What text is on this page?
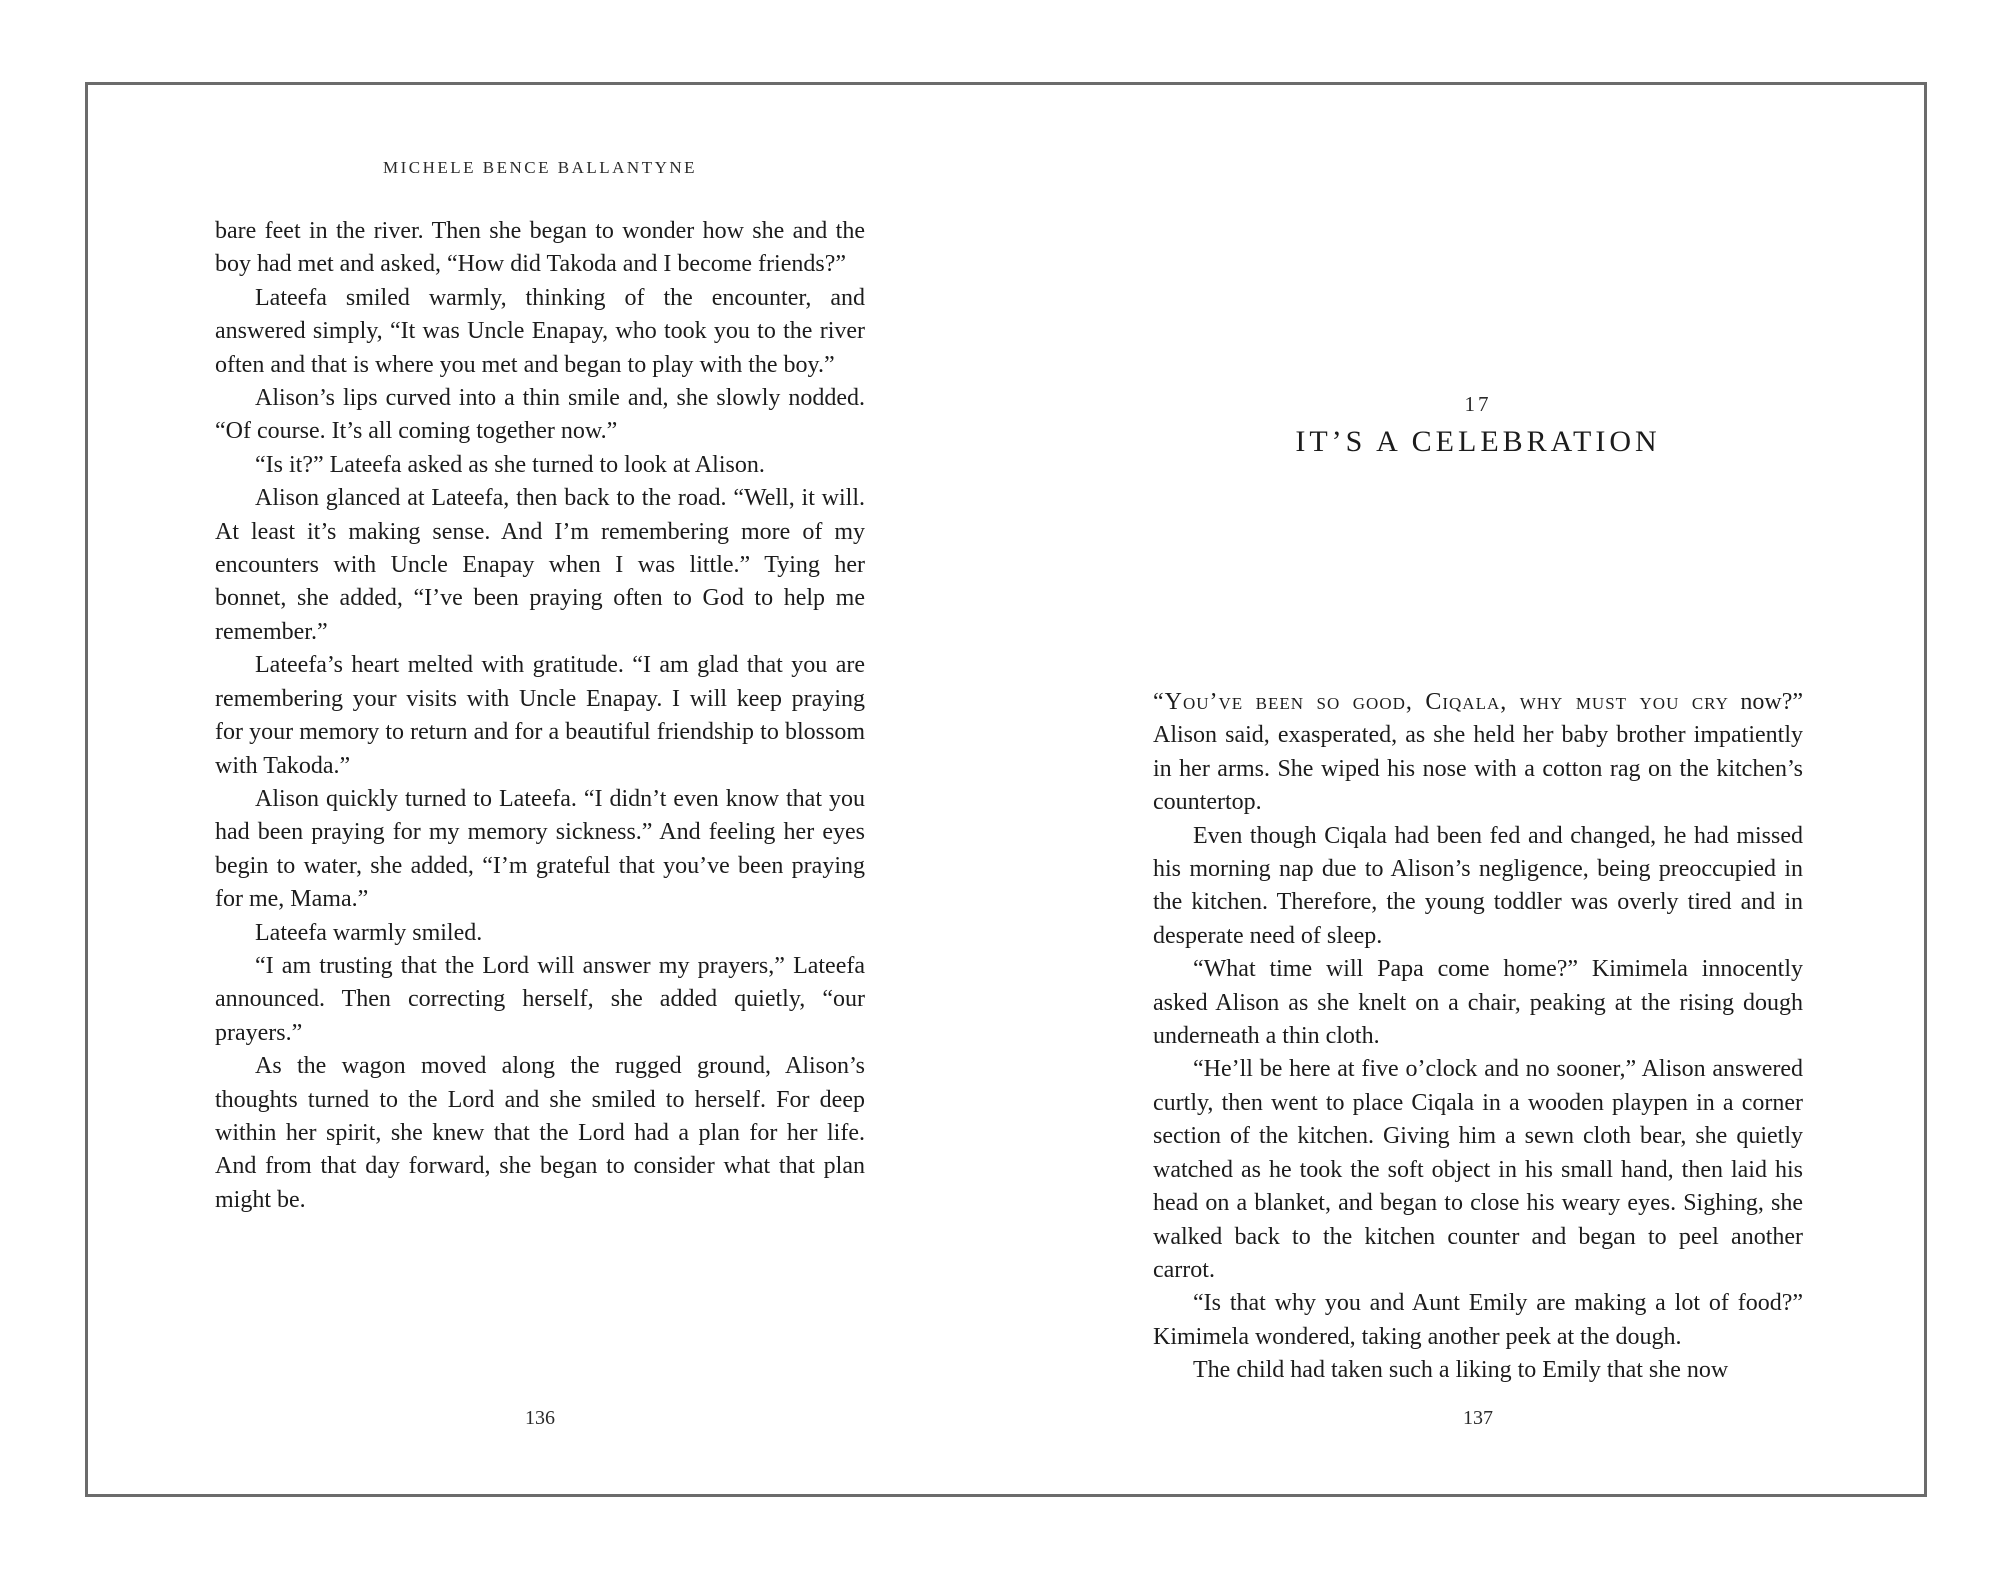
MICHELE BENCE BALLANTYNE

bare feet in the river. Then she began to wonder how she and the boy had met and asked, “How did Takoda and I become friends?”

Lateefa smiled warmly, thinking of the encounter, and answered simply, “It was Uncle Enapay, who took you to the river often and that is where you met and began to play with the boy.”

Alison’s lips curved into a thin smile and, she slowly nodded. “Of course. It’s all coming together now.”

“Is it?” Lateefa asked as she turned to look at Alison.

Alison glanced at Lateefa, then back to the road. “Well, it will. At least it’s making sense. And I’m remembering more of my encounters with Uncle Enapay when I was little.” Tying her bonnet, she added, “I’ve been praying often to God to help me remember.”

Lateefa’s heart melted with gratitude. “I am glad that you are remembering your visits with Uncle Enapay. I will keep praying for your memory to return and for a beautiful friendship to blossom with Takoda.”

Alison quickly turned to Lateefa. “I didn’t even know that you had been praying for my memory sickness.” And feeling her eyes begin to water, she added, “I’m grateful that you’ve been praying for me, Mama.”

Lateefa warmly smiled.

“I am trusting that the Lord will answer my prayers,” Lateefa announced. Then correcting herself, she added quietly, “our prayers.”

As the wagon moved along the rugged ground, Alison’s thoughts turned to the Lord and she smiled to herself. For deep within her spirit, she knew that the Lord had a plan for her life. And from that day forward, she began to consider what that plan might be.

136
17
IT’S A CELEBRATION

“You’ve been so good, Ciqala, why must you cry now?” Alison said, exasperated, as she held her baby brother impatiently in her arms. She wiped his nose with a cotton rag on the kitchen’s countertop.

Even though Ciqala had been fed and changed, he had missed his morning nap due to Alison’s negligence, being preoccupied in the kitchen. Therefore, the young toddler was overly tired and in desperate need of sleep.

“What time will Papa come home?” Kimimela innocently asked Alison as she knelt on a chair, peaking at the rising dough underneath a thin cloth.

“He’ll be here at five o’clock and no sooner,” Alison answered curtly, then went to place Ciqala in a wooden playpen in a corner section of the kitchen. Giving him a sewn cloth bear, she quietly watched as he took the soft object in his small hand, then laid his head on a blanket, and began to close his weary eyes. Sighing, she walked back to the kitchen counter and began to peel another carrot.

“Is that why you and Aunt Emily are making a lot of food?” Kimimela wondered, taking another peek at the dough.

The child had taken such a liking to Emily that she now

137
